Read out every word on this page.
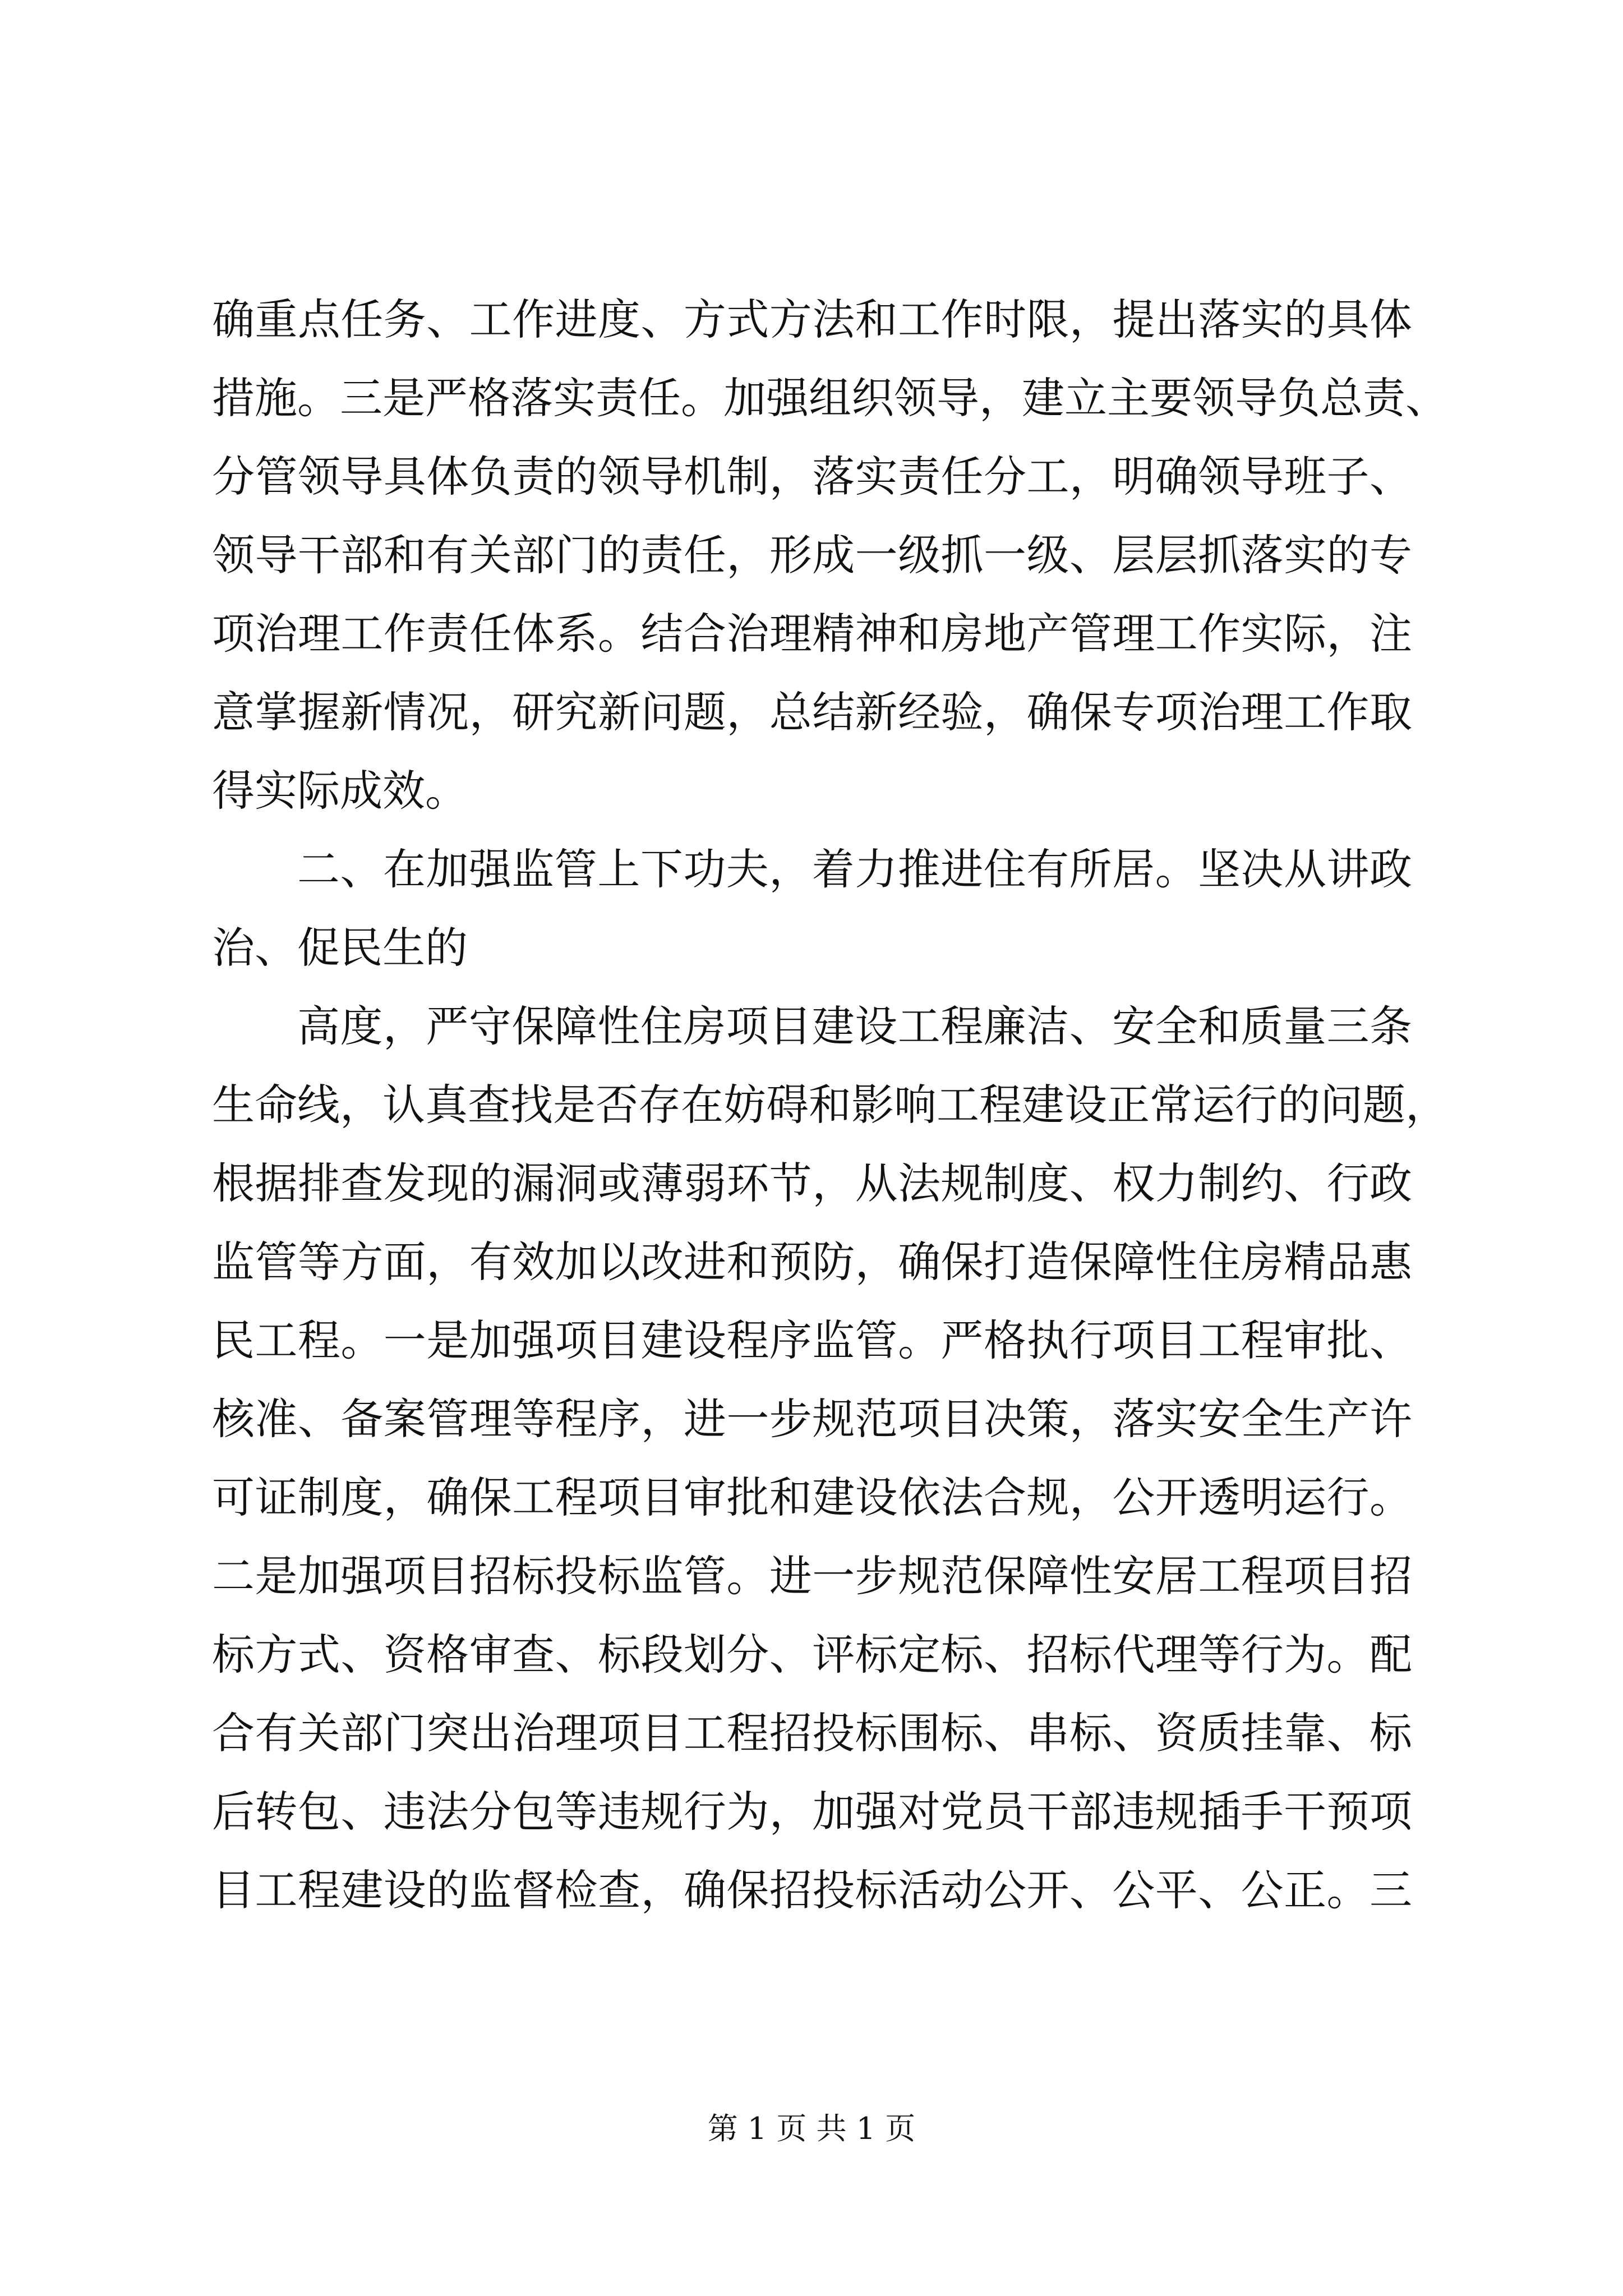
确重点任务、工作进度、方式方法和工作时限，提出落实的具体
措施。三是严格落实责任。加强组织领导，建立主要领导负总责、
分管领导具体负责的领导机制，落实责任分工，明确领导班子、
领导干部和有关部门的责任，形成一级抓一级、层层抓落实的专
项治理工作责任体系。结合治理精神和房地产管理工作实际，注
意掌握新情况，研究新问题，总结新经验，确保专项治理工作取
得实际成效。
二、在加强监管上下功夫，着力推进住有所居。坚决从讲政
治、促民生的
高度，严守保障性住房项目建设工程廉洁、安全和质量三条
生命线，认真查找是否存在妨碍和影响工程建设正常运行的问题，
根据排查发现的漏洞或薄弱环节，从法规制度、权力制约、行政
监管等方面，有效加以改进和预防，确保打造保障性住房精品惠
民工程。一是加强项目建设程序监管。严格执行项目工程审批、
核准、备案管理等程序，进一步规范项目决策，落实安全生产许
可证制度，确保工程项目审批和建设依法合规，公开透明运行。
二是加强项目招标投标监管。进一步规范保障性安居工程项目招
标方式、资格审查、标段划分、评标定标、招标代理等行为。配
合有关部门突出治理项目工程招投标围标、串标、资质挂靠、标
后转包、违法分包等违规行为，加强对党员干部违规插手干预项
目工程建设的监督检查，确保招投标活动公开、公平、公正。三
第 1 页 共 1 页
